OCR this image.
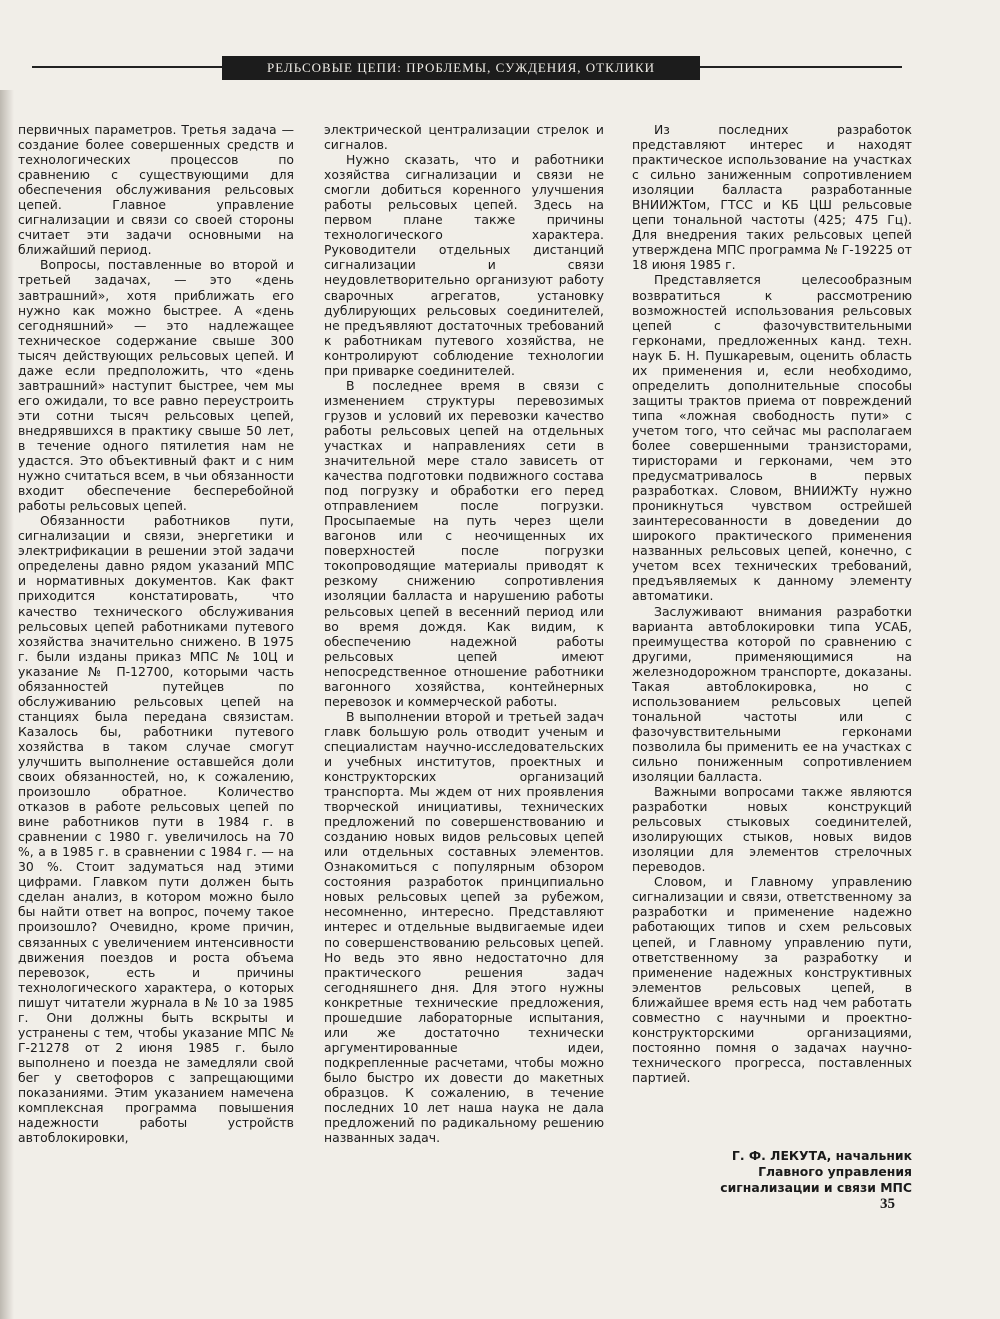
РЕЛЬСОВЫЕ ЦЕПИ: ПРОБЛЕМЫ, СУЖДЕНИЯ, ОТКЛИКИ

первичных параметров. Третья задача — создание более совершенных средств и технологических процессов по сравнению с существующими для обеспечения обслуживания рельсовых цепей. Главное управление сигнализации и связи со своей стороны считает эти задачи основными на ближайший период.

Вопросы, поставленные во второй и третьей задачах, — это «день завтрашний», хотя приближать его нужно как можно быстрее. А «день сегодняшний» — это надлежащее техническое содержание свыше 300 тысяч действующих рельсовых цепей. И даже если предположить, что «день завтрашний» наступит быстрее, чем мы его ожидали, то все равно переустроить эти сотни тысяч рельсовых цепей, внедрявшихся в практику свыше 50 лет, в течение одного пятилетия нам не удастся. Это объективный факт и с ним нужно считаться всем, в чьи обязанности входит обеспечение бесперебойной работы рельсовых цепей.

Обязанности работников пути, сигнализации и связи, энергетики и электрификации в решении этой задачи определены давно рядом указаний МПС и нормативных документов. Как факт приходится констатировать, что качество технического обслуживания рельсовых цепей работниками путевого хозяйства значительно снижено. В 1975 г. были изданы приказ МПС № 10Ц и указание № П-12700, которыми часть обязанностей путейцев по обслуживанию рельсовых цепей на станциях была передана связистам. Казалось бы, работники путевого хозяйства в таком случае смогут улучшить выполнение оставшейся доли своих обязанностей, но, к сожалению, произошло обратное. Количество отказов в работе рельсовых цепей по вине работников пути в 1984 г. в сравнении с 1980 г. увеличилось на 70 %, а в 1985 г. в сравнении с 1984 г. — на 30 %. Стоит задуматься над этими цифрами. Главком пути должен быть сделан анализ, в котором можно было бы найти ответ на вопрос, почему такое произошло? Очевидно, кроме причин, связанных с увеличением интенсивности движения поездов и роста объема перевозок, есть и причины технологического характера, о которых пишут читатели журнала в № 10 за 1985 г. Они должны быть вскрыты и устранены с тем, чтобы указание МПС № Г-21278 от 2 июня 1985 г. было выполнено и поезда не замедляли свой бег у светофоров с запрещающими показаниями. Этим указанием намечена комплексная программа повышения надежности работы устройств автоблокировки,

электрической централизации стрелок и сигналов.

Нужно сказать, что и работники хозяйства сигнализации и связи не смогли добиться коренного улучшения работы рельсовых цепей. Здесь на первом плане также причины технологического характера. Руководители отдельных дистанций сигнализации и связи неудовлетворительно организуют работу сварочных агрегатов, установку дублирующих рельсовых соединителей, не предъявляют достаточных требований к работникам путевого хозяйства, не контролируют соблюдение технологии при приварке соединителей.

В последнее время в связи с изменением структуры перевозимых грузов и условий их перевозки качество работы рельсовых цепей на отдельных участках и направлениях сети в значительной мере стало зависеть от качества подготовки подвижного состава под погрузку и обработки его перед отправлением после погрузки. Просыпаемые на путь через щели вагонов или с неочищенных их поверхностей после погрузки токопроводящие материалы приводят к резкому снижению сопротивления изоляции балласта и нарушению работы рельсовых цепей в весенний период или во время дождя. Как видим, к обеспечению надежной работы рельсовых цепей имеют непосредственное отношение работники вагонного хозяйства, контейнерных перевозок и коммерческой работы.

В выполнении второй и третьей задач главк большую роль отводит ученым и специалистам научно-исследовательских и учебных институтов, проектных и конструкторских организаций транспорта. Мы ждем от них проявления творческой инициативы, технических предложений по совершенствованию и созданию новых видов рельсовых цепей или отдельных составных элементов. Ознакомиться с популярным обзором состояния разработок принципиально новых рельсовых цепей за рубежом, несомненно, интересно. Представляют интерес и отдельные выдвигаемые идеи по совершенствованию рельсовых цепей. Но ведь это явно недостаточно для практического решения задач сегодняшнего дня. Для этого нужны конкретные технические предложения, прошедшие лабораторные испытания, или же достаточно технически аргументированные идеи, подкрепленные расчетами, чтобы можно было быстро их довести до макетных образцов. К сожалению, в течение последних 10 лет наша наука не дала предложений по радикальному решению названных задач.

Из последних разработок представляют интерес и находят практическое использование на участках с сильно заниженным сопротивлением изоляции балласта разработанные ВНИИЖТом, ГТСС и КБ ЦШ рельсовые цепи тональной частоты (425; 475 Гц). Для внедрения таких рельсовых цепей утверждена МПС программа № Г-19225 от 18 июня 1985 г.

Представляется целесообразным возвратиться к рассмотрению возможностей использования рельсовых цепей с фазочувствительными герконами, предложенных канд. техн. наук Б. Н. Пушкаревым, оценить область их применения и, если необходимо, определить дополнительные способы защиты трактов приема от повреждений типа «ложная свободность пути» с учетом того, что сейчас мы располагаем более совершенными транзисторами, тиристорами и герконами, чем это предусматривалось в первых разработках. Словом, ВНИИЖТу нужно проникнуться чувством острейшей заинтересованности в доведении до широкого практического применения названных рельсовых цепей, конечно, с учетом всех технических требований, предъявляемых к данному элементу автоматики.

Заслуживают внимания разработки варианта автоблокировки типа УСАБ, преимущества которой по сравнению с другими, применяющимися на железнодорожном транспорте, доказаны. Такая автоблокировка, но с использованием рельсовых цепей тональной частоты или с фазочувствительными герконами позволила бы применить ее на участках с сильно пониженным сопротивлением изоляции балласта.

Важными вопросами также являются разработки новых конструкций рельсовых стыковых соединителей, изолирующих стыков, новых видов изоляции для элементов стрелочных переводов.

Словом, и Главному управлению сигнализации и связи, ответственному за разработки и применение надежно работающих типов и схем рельсовых цепей, и Главному управлению пути, ответственному за разработку и применение надежных конструктивных элементов рельсовых цепей, в ближайшее время есть над чем работать совместно с научными и проектно-конструкторскими организациями, постоянно помня о задачах научно-технического прогресса, поставленных партией.

Г. Ф. ЛЕКУТА, начальник
Главного управления
сигнализации и связи МПС
35
